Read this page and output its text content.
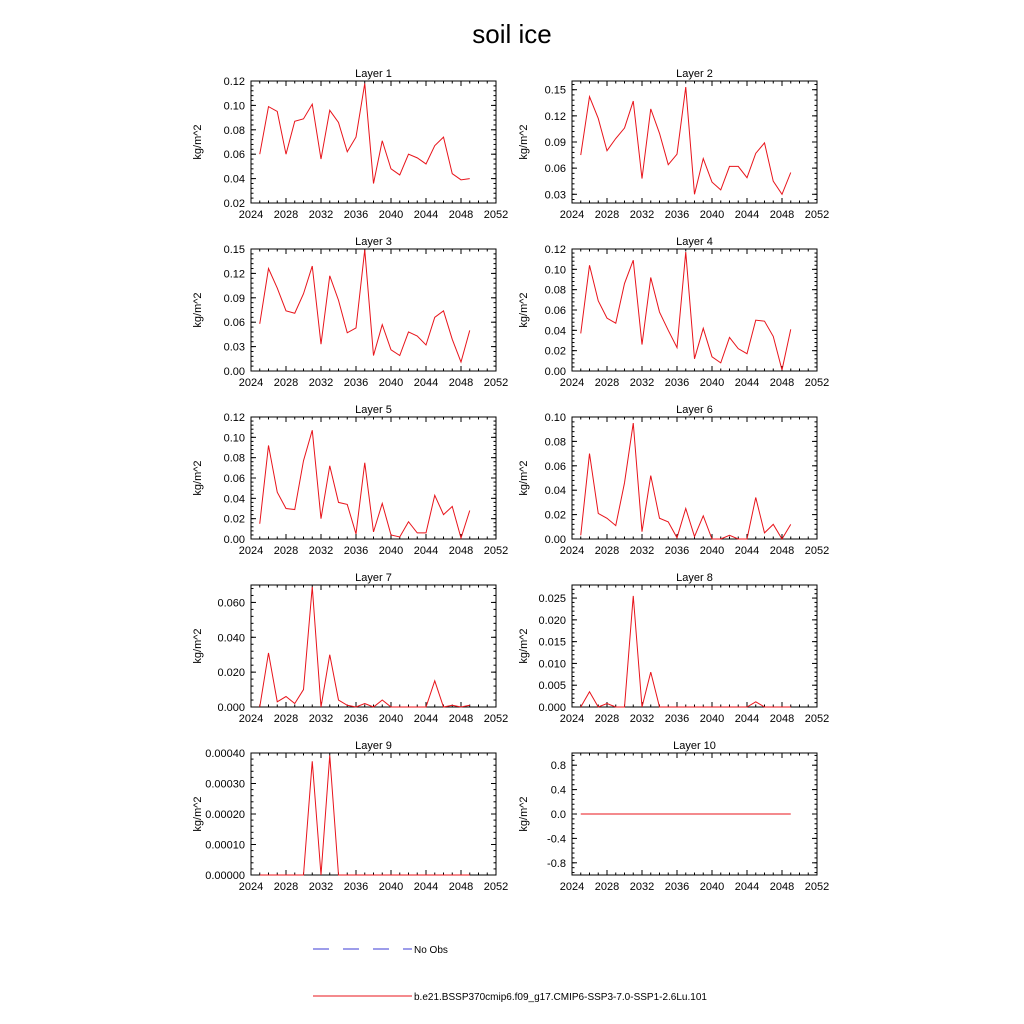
soil ice
Layer 1
2024 2028 2032 2036 2040 2044 2048 2052
0.02
0.04
0.06
0.08
0.10
0.12
kg/m^2
Layer 2
2024 2028 2032 2036 2040 2044 2048 2052
0.03
0.06
0.09
0.12
0.15
kg/m^2
Layer 3
2024 2028 2032 2036 2040 2044 2048 2052
0.00
0.03
0.06
0.09
0.12
0.15
kg/m^2
Layer 4
2024 2028 2032 2036 2040 2044 2048 2052
0.00
0.02
0.04
0.06
0.08
0.10
0.12
kg/m^2
Layer 5
2024 2028 2032 2036 2040 2044 2048 2052
0.00
0.02
0.04
0.06
0.08
0.10
0.12
kg/m^2
Layer 6
2024 2028 2032 2036 2040 2044 2048 2052
0.00
0.02
0.04
0.06
0.08
0.10
kg/m^2
Layer 7
2024 2028 2032 2036 2040 2044 2048 2052
0.000
0.020
0.040
0.060
kg/m^2
Layer 8
2024 2028 2032 2036 2040 2044 2048 2052
0.000
0.005
0.010
0.015
0.020
0.025
kg/m^2
Layer 9
2024 2028 2032 2036 2040 2044 2048 2052
0.00000
0.00010
0.00020
0.00030
0.00040
kg/m^2
Layer 10
2024 2028 2032 2036 2040 2044 2048 2052
-0.8
-0.4
0.0
0.4
0.8
kg/m^2
No Obs
b.e21.BSSP370cmip6.f09_g17.CMIP6-SSP3-7.0-SSP1-2.6Lu.101
